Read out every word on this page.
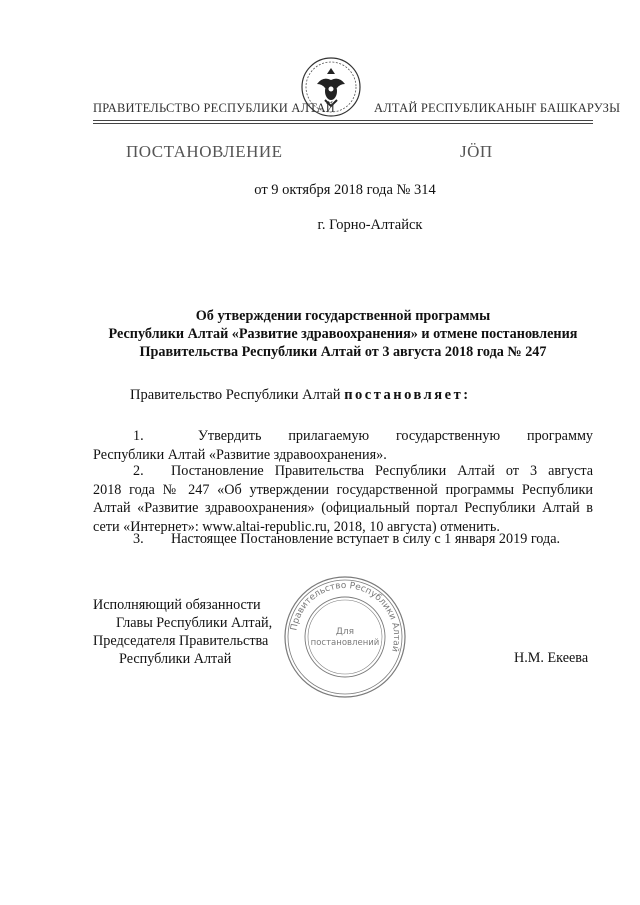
ПРАВИТЕЛЬСТВО РЕСПУБЛИКИ АЛТАЙ	АЛТАЙ РЕСПУБЛИКАНЫҤ БАШКАРУЗЫ
ПОСТАНОВЛЕНИЕ	JӦП
от 9 октября 2018 года № 314
г. Горно-Алтайск
Об утверждении государственной программы
Республики Алтай «Развитие здравоохранения» и отмене постановления
Правительства Республики Алтай от 3 августа 2018 года № 247
Правительство Республики Алтай постановляет:
1.	Утвердить прилагаемую государственную программу
Республики Алтай «Развитие здравоохранения».
2. Постановление Правительства Республики Алтай от 3 августа
2018 года № 247 «Об утверждении государственной программы Республики Алтай «Развитие здравоохранения» (официальный портал Республики Алтай в сети «Интернет»: www.altai-republic.ru, 2018, 10 августа) отменить.
3. Настоящее Постановление вступает в силу с 1 января 2019 года.
Исполняющий обязанности
Главы Республики Алтай,
Председателя Правительства
Республики Алтай	Н.М. Екеева
Правительство Республики Алтай
Для
постановлений
